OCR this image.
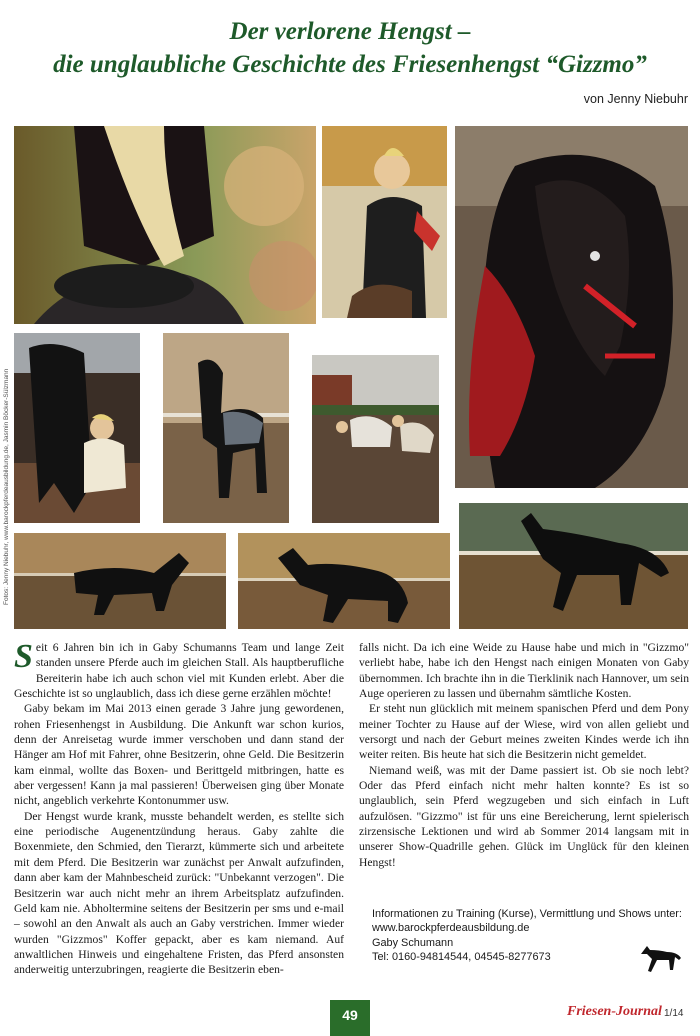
Der verlorene Hengst –
die unglaubliche Geschichte des Friesenhengst “Gizzmo”
von Jenny Niebuhr
Fotos: Jenny Niebuhr, www.barockpferdeausbildung.de, Jasmin Böcker-Sülzmann

Seit 6 Jahren bin ich in Gaby Schumanns Team und lange Zeit standen unsere Pferde auch im gleichen Stall. Als hauptberufliche Bereiterin habe ich auch schon viel mit Kunden erlebt. Aber die Geschichte ist so unglaublich, dass ich diese gerne erzählen möchte!

Gaby bekam im Mai 2013 einen gerade 3 Jahre jung gewordenen, rohen Friesenhengst in Ausbildung. Die Ankunft war schon kurios, denn der Anreisetag wurde immer verschoben und dann stand der Hänger am Hof mit Fahrer, ohne Besitzerin, ohne Geld. Die Besitzerin kam einmal, wollte das Boxen- und Berittgeld mitbringen, hatte es aber vergessen! Kann ja mal passieren! Überweisen ging über Monate nicht, angeblich verkehrte Kontonummer usw.

Der Hengst wurde krank, musste behandelt werden, es stellte sich eine periodische Augenentzündung heraus. Gaby zahlte die Boxenmiete, den Schmied, den Tierarzt, kümmerte sich und arbeitete mit dem Pferd. Die Besitzerin war zunächst per Anwalt aufzufinden, dann aber kam der Mahnbescheid zurück: "Unbekannt verzogen". Die Besitzerin war auch nicht mehr an ihrem Arbeitsplatz aufzufinden. Geld kam nie. Abholtermine seitens der Besitzerin per sms und e-mail – sowohl an den Anwalt als auch an Gaby verstrichen. Immer wieder wurden "Gizzmos" Koffer gepackt, aber es kam niemand. Auf anwaltlichen Hinweis und eingehaltene Fristen, das Pferd ansonsten anderweitig unterzubringen, reagierte die Besitzerin eben-

falls nicht. Da ich eine Weide zu Hause habe und mich in "Gizzmo" verliebt habe, habe ich den Hengst nach einigen Monaten von Gaby übernommen. Ich brachte ihn in die Tierklinik nach Hannover, um sein Auge operieren zu lassen und übernahm sämtliche Kosten.

Er steht nun glücklich mit meinem spanischen Pferd und dem Pony meiner Tochter zu Hause auf der Wiese, wird von allen geliebt und versorgt und nach der Geburt meines zweiten Kindes werde ich ihn weiter reiten. Bis heute hat sich die Besitzerin nicht gemeldet.

Niemand weiß, was mit der Dame passiert ist. Ob sie noch lebt? Oder das Pferd einfach nicht mehr halten konnte? Es ist so unglaublich, sein Pferd wegzugeben und sich einfach in Luft aufzulösen. "Gizzmo" ist für uns eine Bereicherung, lernt spielerisch zirzensische Lektionen und wird ab Sommer 2014 langsam mit in unserer Show-Quadrille gehen. Glück im Unglück für den kleinen Hengst!

Informationen zu Training (Kurse), Vermittlung und Shows unter:
www.barockpferdeausbildung.de
Gaby Schumann
Tel: 0160-94814544, 04545-8277673
49	Friesen-Journal 1/14
